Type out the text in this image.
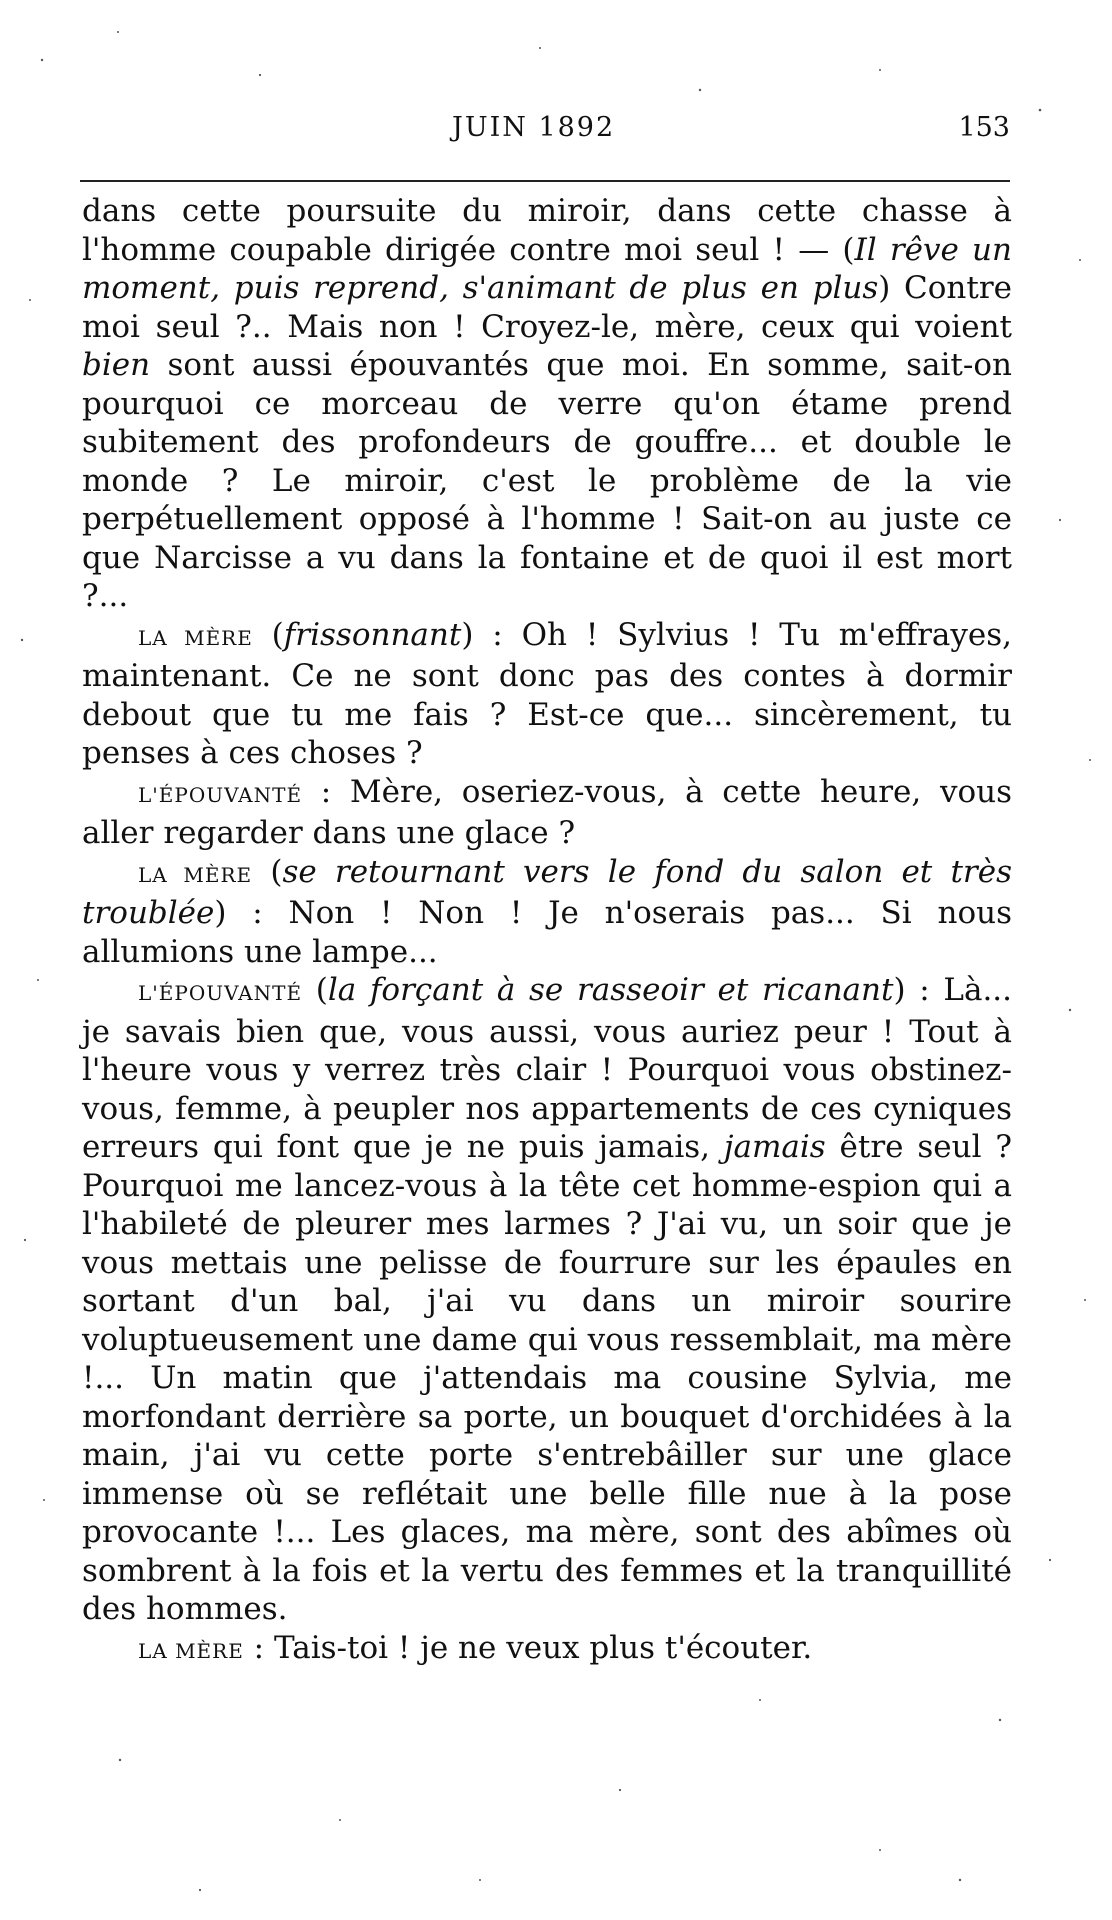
JUIN 1892	153

dans cette poursuite du miroir, dans cette chasse à l'homme coupable dirigée contre moi seul ! — (Il rêve un moment, puis reprend, s'animant de plus en plus) Contre moi seul ?.. Mais non ! Croyez-le, mère, ceux qui voient bien sont aussi épouvantés que moi. En somme, sait-on pourquoi ce morceau de verre qu'on étame prend subitement des profondeurs de gouffre... et double le monde ? Le miroir, c'est le problème de la vie perpétuellement opposé à l'homme ! Sait-on au juste ce que Narcisse a vu dans la fontaine et de quoi il est mort ?...

LA MÈRE (frissonnant) : Oh ! Sylvius ! Tu m'effrayes, maintenant. Ce ne sont donc pas des contes à dormir debout que tu me fais ? Est-ce que... sincèrement, tu penses à ces choses ?

L'ÉPOUVANTÉ : Mère, oseriez-vous, à cette heure, vous aller regarder dans une glace ?

LA MÈRE (se retournant vers le fond du salon et très troublée) : Non ! Non ! Je n'oserais pas... Si nous allumions une lampe...

L'ÉPOUVANTÉ (la forçant à se rasseoir et ricanant) : Là... je savais bien que, vous aussi, vous auriez peur ! Tout à l'heure vous y verrez très clair ! Pourquoi vous obstinez-vous, femme, à peupler nos appartements de ces cyniques erreurs qui font que je ne puis jamais, jamais être seul ? Pourquoi me lancez-vous à la tête cet homme-espion qui a l'habileté de pleurer mes larmes ? J'ai vu, un soir que je vous mettais une pelisse de fourrure sur les épaules en sortant d'un bal, j'ai vu dans un miroir sourire voluptueusement une dame qui vous ressemblait, ma mère !... Un matin que j'attendais ma cousine Sylvia, me morfondant derrière sa porte, un bouquet d'orchidées à la main, j'ai vu cette porte s'entrebâiller sur une glace immense où se reflétait une belle fille nue à la pose provocante !... Les glaces, ma mère, sont des abîmes où sombrent à la fois et la vertu des femmes et la tranquillité des hommes.

LA MÈRE : Tais-toi ! je ne veux plus t'écouter.
